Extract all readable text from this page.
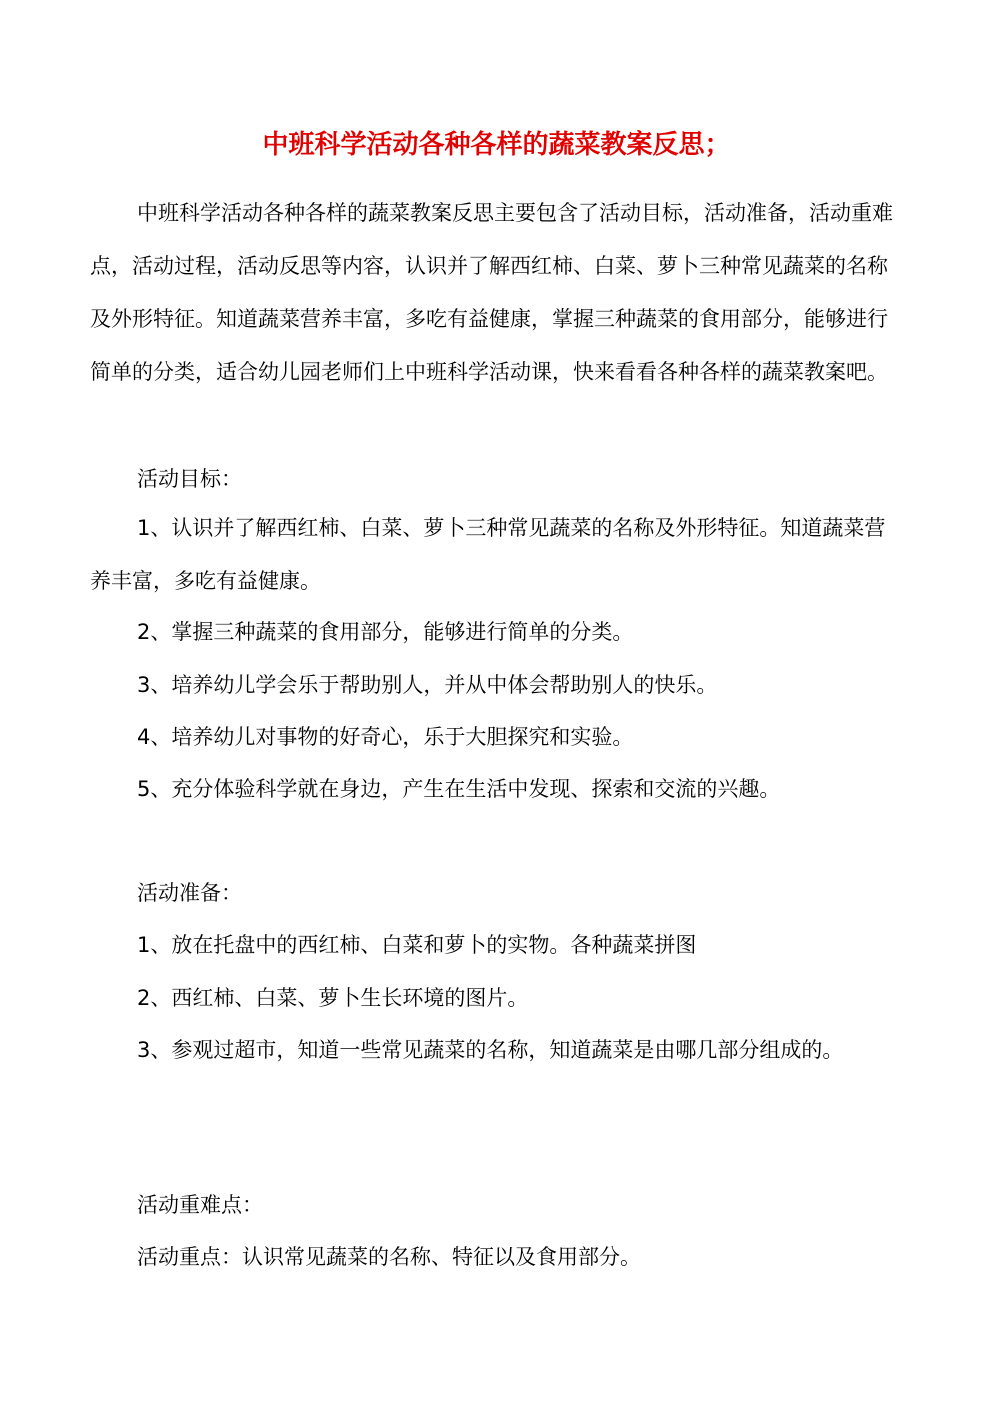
中班科学活动各种各样的蔬菜教案反思；

中班科学活动各种各样的蔬菜教案反思主要包含了活动目标，活动准备，活动重难点，活动过程，活动反思等内容，认识并了解西红柿、白菜、萝卜三种常见蔬菜的名称及外形特征。知道蔬菜营养丰富，多吃有益健康，掌握三种蔬菜的食用部分，能够进行简单的分类，适合幼儿园老师们上中班科学活动课，快来看看各种各样的蔬菜教案吧。

活动目标：

1、认识并了解西红柿、白菜、萝卜三种常见蔬菜的名称及外形特征。知道蔬菜营养丰富，多吃有益健康。

2、掌握三种蔬菜的食用部分，能够进行简单的分类。

3、培养幼儿学会乐于帮助别人，并从中体会帮助别人的快乐。

4、培养幼儿对事物的好奇心，乐于大胆探究和实验。

5、充分体验科学就在身边，产生在生活中发现、探索和交流的兴趣。

活动准备：

1、放在托盘中的西红柿、白菜和萝卜的实物。各种蔬菜拼图

2、西红柿、白菜、萝卜生长环境的图片。

3、参观过超市，知道一些常见蔬菜的名称，知道蔬菜是由哪几部分组成的。

活动重难点：

活动重点：认识常见蔬菜的名称、特征以及食用部分。
